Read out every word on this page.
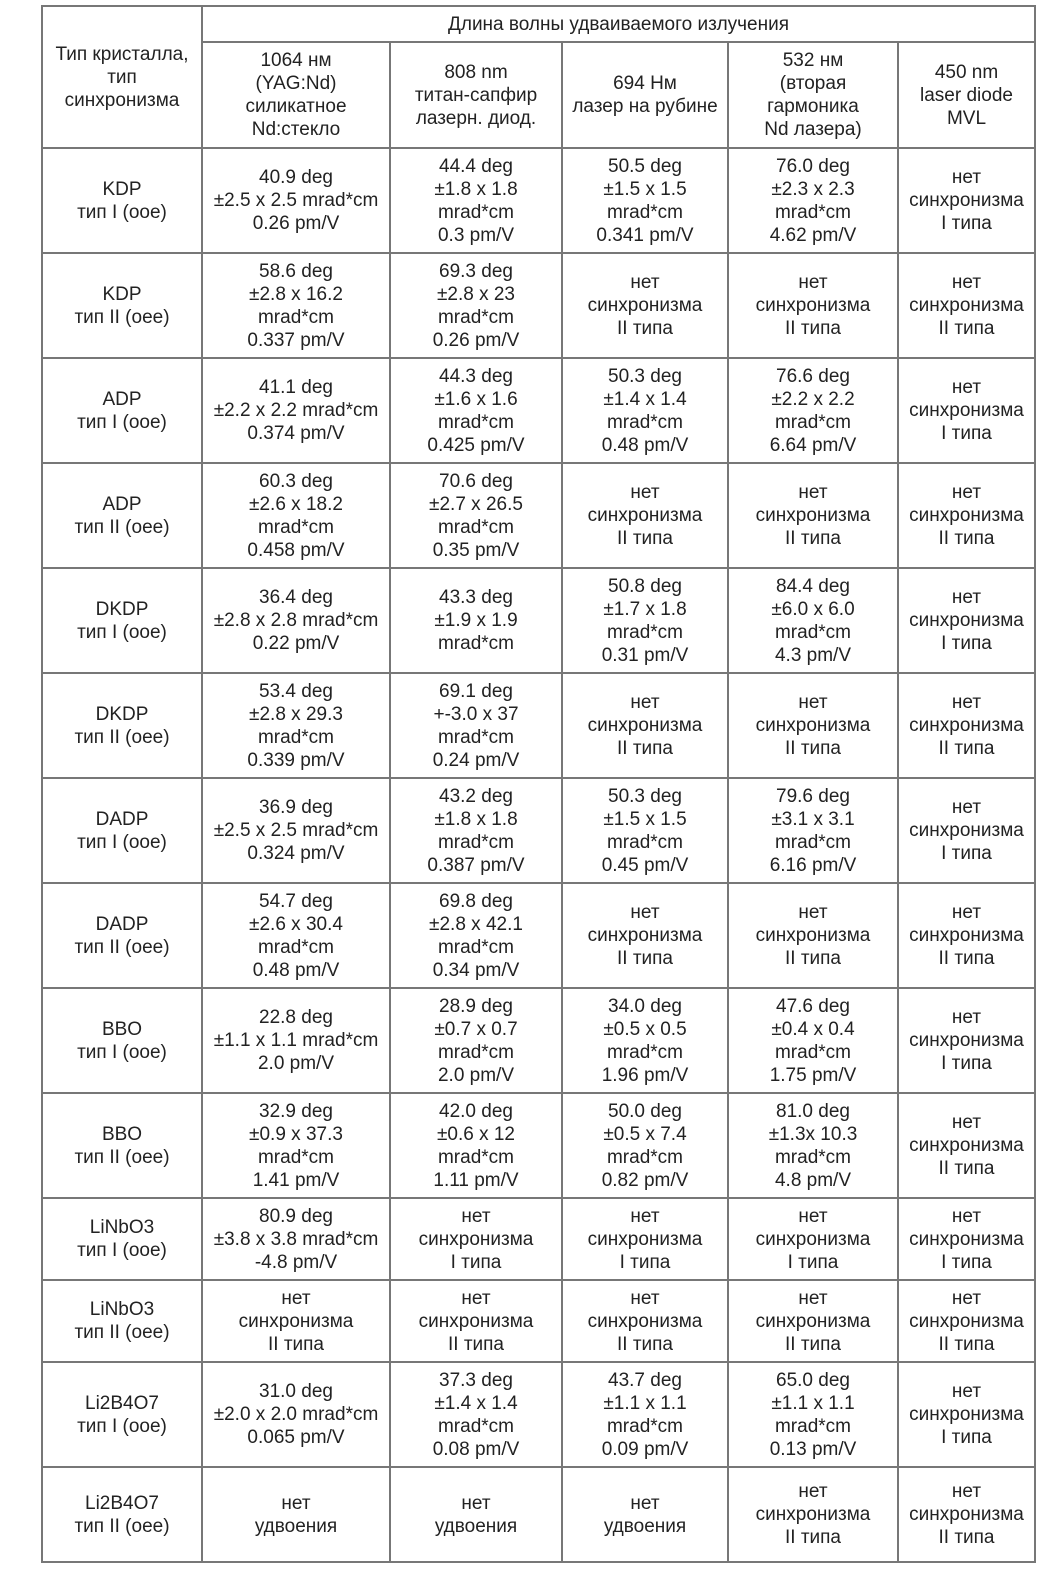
Тип кристалла,
тип
синхронизма	Длина волны удваиваемого излучения				
	1064 нм
(YAG:Nd)
силикатное
Nd:стекло	808 nm
титан-сапфир
лазерн. диод.	694 Нм
лазер на рубине	532 нм
(вторая
гармоника
Nd лазера)	450 nm
laser diode
MVL
KDP
тип I (ooe)	40.9 deg
±2.5 x 2.5 mrad*cm
0.26 pm/V	44.4 deg
±1.8 x 1.8
mrad*cm
0.3 pm/V	50.5 deg
±1.5 x 1.5
mrad*cm
0.341 pm/V	76.0 deg
±2.3 x 2.3
mrad*cm
4.62 pm/V	нет
синхронизма
I типа
KDP
тип II (oee)	58.6 deg
±2.8 x 16.2
mrad*cm
0.337 pm/V	69.3 deg
±2.8 x 23
mrad*cm
0.26 pm/V	нет
синхронизма
II типа	нет
синхронизма
II типа	нет
синхронизма
II типа
ADP
тип I (ooe)	41.1 deg
±2.2 x 2.2 mrad*cm
0.374 pm/V	44.3 deg
±1.6 x 1.6
mrad*cm
0.425 pm/V	50.3 deg
±1.4 x 1.4
mrad*cm
0.48 pm/V	76.6 deg
±2.2 x 2.2
mrad*cm
6.64 pm/V	нет
синхронизма
I типа
ADP
тип II (oee)	60.3 deg
±2.6 x 18.2
mrad*cm
0.458 pm/V	70.6 deg
±2.7 x 26.5
mrad*cm
0.35 pm/V	нет
синхронизма
II типа	нет
синхронизма
II типа	нет
синхронизма
II типа
DKDP
тип I (ooe)	36.4 deg
±2.8 x 2.8 mrad*cm
0.22 pm/V	43.3 deg
±1.9 x 1.9
mrad*cm	50.8 deg
±1.7 x 1.8
mrad*cm
0.31 pm/V	84.4 deg
±6.0 x 6.0
mrad*cm
4.3 pm/V	нет
синхронизма
I типа
DKDP
тип II (oee)	53.4 deg
±2.8 x 29.3
mrad*cm
0.339 pm/V	69.1 deg
+-3.0 x 37
mrad*cm
0.24 pm/V	нет
синхронизма
II типа	нет
синхронизма
II типа	нет
синхронизма
II типа
DADP
тип I (ooe)	36.9 deg
±2.5 x 2.5 mrad*cm
0.324 pm/V	43.2 deg
±1.8 x 1.8
mrad*cm
0.387 pm/V	50.3 deg
±1.5 x 1.5
mrad*cm
0.45 pm/V	79.6 deg
±3.1 x 3.1
mrad*cm
6.16 pm/V	нет
синхронизма
I типа
DADP
тип II (oee)	54.7 deg
±2.6 x 30.4
mrad*cm
0.48 pm/V	69.8 deg
±2.8 x 42.1
mrad*cm
0.34 pm/V	нет
синхронизма
II типа	нет
синхронизма
II типа	нет
синхронизма
II типа
BBO
тип I (ooe)	22.8 deg
±1.1 x 1.1 mrad*cm
2.0 pm/V	28.9 deg
±0.7 x 0.7
mrad*cm
2.0 pm/V	34.0 deg
±0.5 x 0.5
mrad*cm
1.96 pm/V	47.6 deg
±0.4 x 0.4
mrad*cm
1.75 pm/V	нет
синхронизма
I типа
BBO
тип II (oee)	32.9 deg
±0.9 x 37.3
mrad*cm
1.41 pm/V	42.0 deg
±0.6 x 12
mrad*cm
1.11 pm/V	50.0 deg
±0.5 x 7.4
mrad*cm
0.82 pm/V	81.0 deg
±1.3x 10.3
mrad*cm
4.8 pm/V	нет
синхронизма
II типа
LiNbO3
тип I (ooe)	80.9 deg
±3.8 x 3.8 mrad*cm
-4.8 pm/V	нет
синхронизма
I типа	нет
синхронизма
I типа	нет
синхронизма
I типа	нет
синхронизма
I типа
LiNbO3
тип II (oee)	нет
синхронизма
II типа	нет
синхронизма
II типа	нет
синхронизма
II типа	нет
синхронизма
II типа	нет
синхронизма
II типа
Li2B4O7
тип I (ooe)	31.0 deg
±2.0 x 2.0 mrad*cm
0.065 pm/V	37.3 deg
±1.4 x 1.4
mrad*cm
0.08 pm/V	43.7 deg
±1.1 x 1.1
mrad*cm
0.09 pm/V	65.0 deg
±1.1 x 1.1
mrad*cm
0.13 pm/V	нет
синхронизма
I типа
Li2B4O7
тип II (oee)	нет
удвоения	нет
удвоения	нет
удвоения	нет
синхронизма
II типа	нет
синхронизма
II типа
